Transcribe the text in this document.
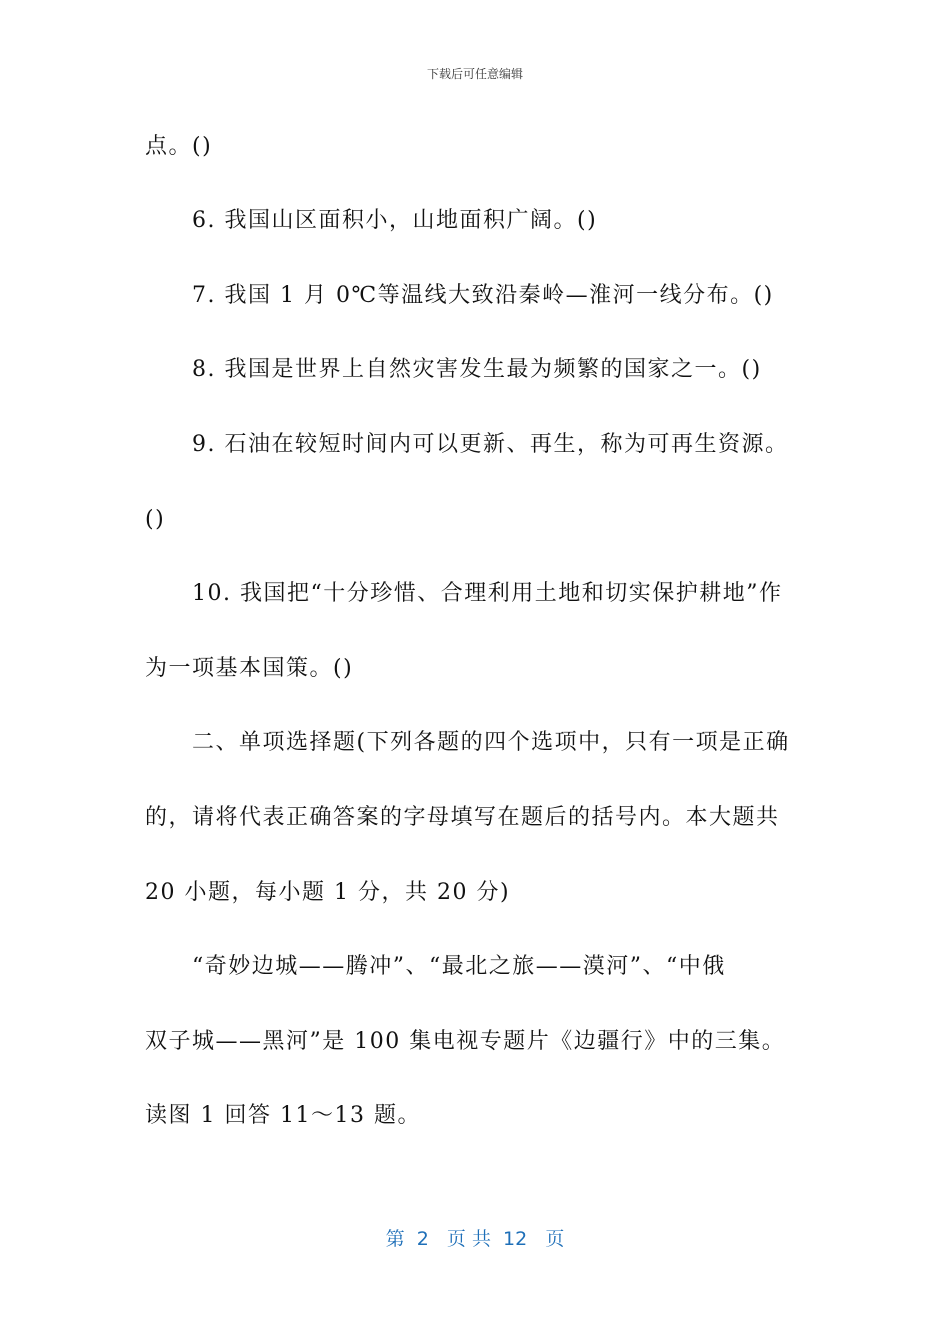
下载后可任意编辑
点。()
6. 我国山区面积小，山地面积广阔。()
7. 我国 1 月 0℃等温线大致沿秦岭—淮河一线分布。()
8. 我国是世界上自然灾害发生最为频繁的国家之一。()
9. 石油在较短时间内可以更新、再生，称为可再生资源。
()
10. 我国把“十分珍惜、合理利用土地和切实保护耕地”作
为一项基本国策。()
二、单项选择题(下列各题的四个选项中，只有一项是正确
的，请将代表正确答案的字母填写在题后的括号内。本大题共
20 小题，每小题 1 分，共 20 分)
“奇妙边城——腾冲”、“最北之旅——漠河”、“中俄
双子城——黑河”是 100 集电视专题片《边疆行》中的三集。
读图 1 回答 11～13 题。
第  2   页 共  12   页
